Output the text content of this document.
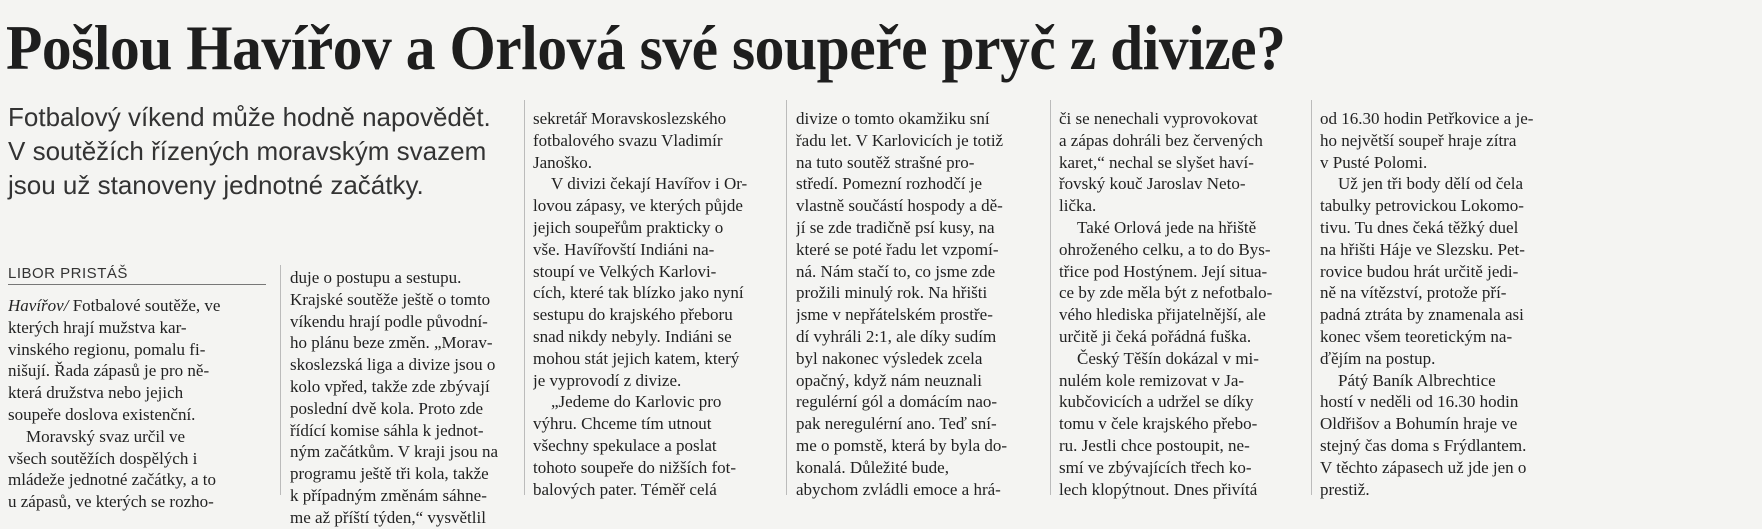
Pošlou Havířov a Orlová své soupeře pryč z divize?

Fotbalový víkend může hodně napovědět.

V soutěžích řízených moravským svazem

jsou už stanoveny jednotné začátky.

LIBOR PRISTÁŠ

Havířov/ Fotbalové soutěže, ve

kterých hrají mužstva kar-

vinského regionu, pomalu fi-

nišují. Řada zápasů je pro ně-

která družstva nebo jejich

soupeře doslova existenční.

Moravský svaz určil ve

všech soutěžích dospělých i

mládeže jednotné začátky, a to

u zápasů, ve kterých se rozho-

duje o postupu a sestupu.

Krajské soutěže ještě o tomto

víkendu hrají podle původní-

ho plánu beze změn. „Morav-

skoslezská liga a divize jsou o

kolo vpřed, takže zde zbývají

poslední dvě kola. Proto zde

řídící komise sáhla k jednot-

ným začátkům. V kraji jsou na

programu ještě tři kola, takže

k případným změnám sáhne-

me až příští týden,“ vysvětlil

sekretář Moravskoslezského

fotbalového svazu Vladimír

Janoško.

V divizi čekají Havířov i Or-

lovou zápasy, ve kterých půjde

jejich soupeřům prakticky o

vše. Havířovští Indiáni na-

stoupí ve Velkých Karlovi-

cích, které tak blízko jako nyní

sestupu do krajského přeboru

snad nikdy nebyly. Indiáni se

mohou stát jejich katem, který

je vyprovodí z divize.

„Jedeme do Karlovic pro

výhru. Chceme tím utnout

všechny spekulace a poslat

tohoto soupeře do nižších fot-

balových pater. Téměř celá

divize o tomto okamžiku sní

řadu let. V Karlovicích je totiž

na tuto soutěž strašné pro-

středí. Pomezní rozhodčí je

vlastně součástí hospody a dě-

jí se zde tradičně psí kusy, na

které se poté řadu let vzpomí-

ná. Nám stačí to, co jsme zde

prožili minulý rok. Na hřišti

jsme v nepřátelském prostře-

dí vyhráli 2:1, ale díky sudím

byl nakonec výsledek zcela

opačný, když nám neuznali

regulérní gól a domácím nao-

pak neregulérní ano. Teď sní-

me o pomstě, která by byla do-

konalá. Důležité bude,

abychom zvládli emoce a hrá-

či se nenechali vyprovokovat

a zápas dohráli bez červených

karet,“ nechal se slyšet haví-

řovský kouč Jaroslav Neto-

lička.

Také Orlová jede na hřiště

ohroženého celku, a to do Bys-

třice pod Hostýnem. Její situa-

ce by zde měla být z nefotbalo-

vého hlediska přijatelnější, ale

určitě ji čeká pořádná fuška.

Český Těšín dokázal v mi-

nulém kole remizovat v Ja-

kubčovicích a udržel se díky

tomu v čele krajského přebo-

ru. Jestli chce postoupit, ne-

smí ve zbývajících třech ko-

lech klopýtnout. Dnes přivítá

od 16.30 hodin Petřkovice a je-

ho největší soupeř hraje zítra

v Pusté Polomi.

Už jen tři body dělí od čela

tabulky petrovickou Lokomo-

tivu. Tu dnes čeká těžký duel

na hřišti Háje ve Slezsku. Pet-

rovice budou hrát určitě jedi-

ně na vítězství, protože pří-

padná ztráta by znamenala asi

konec všem teoretickým na-

ďějím na postup.

Pátý Baník Albrechtice

hostí v neděli od 16.30 hodin

Oldřišov a Bohumín hraje ve

stejný čas doma s Frýdlantem.

V těchto zápasech už jde jen o

prestiž.
